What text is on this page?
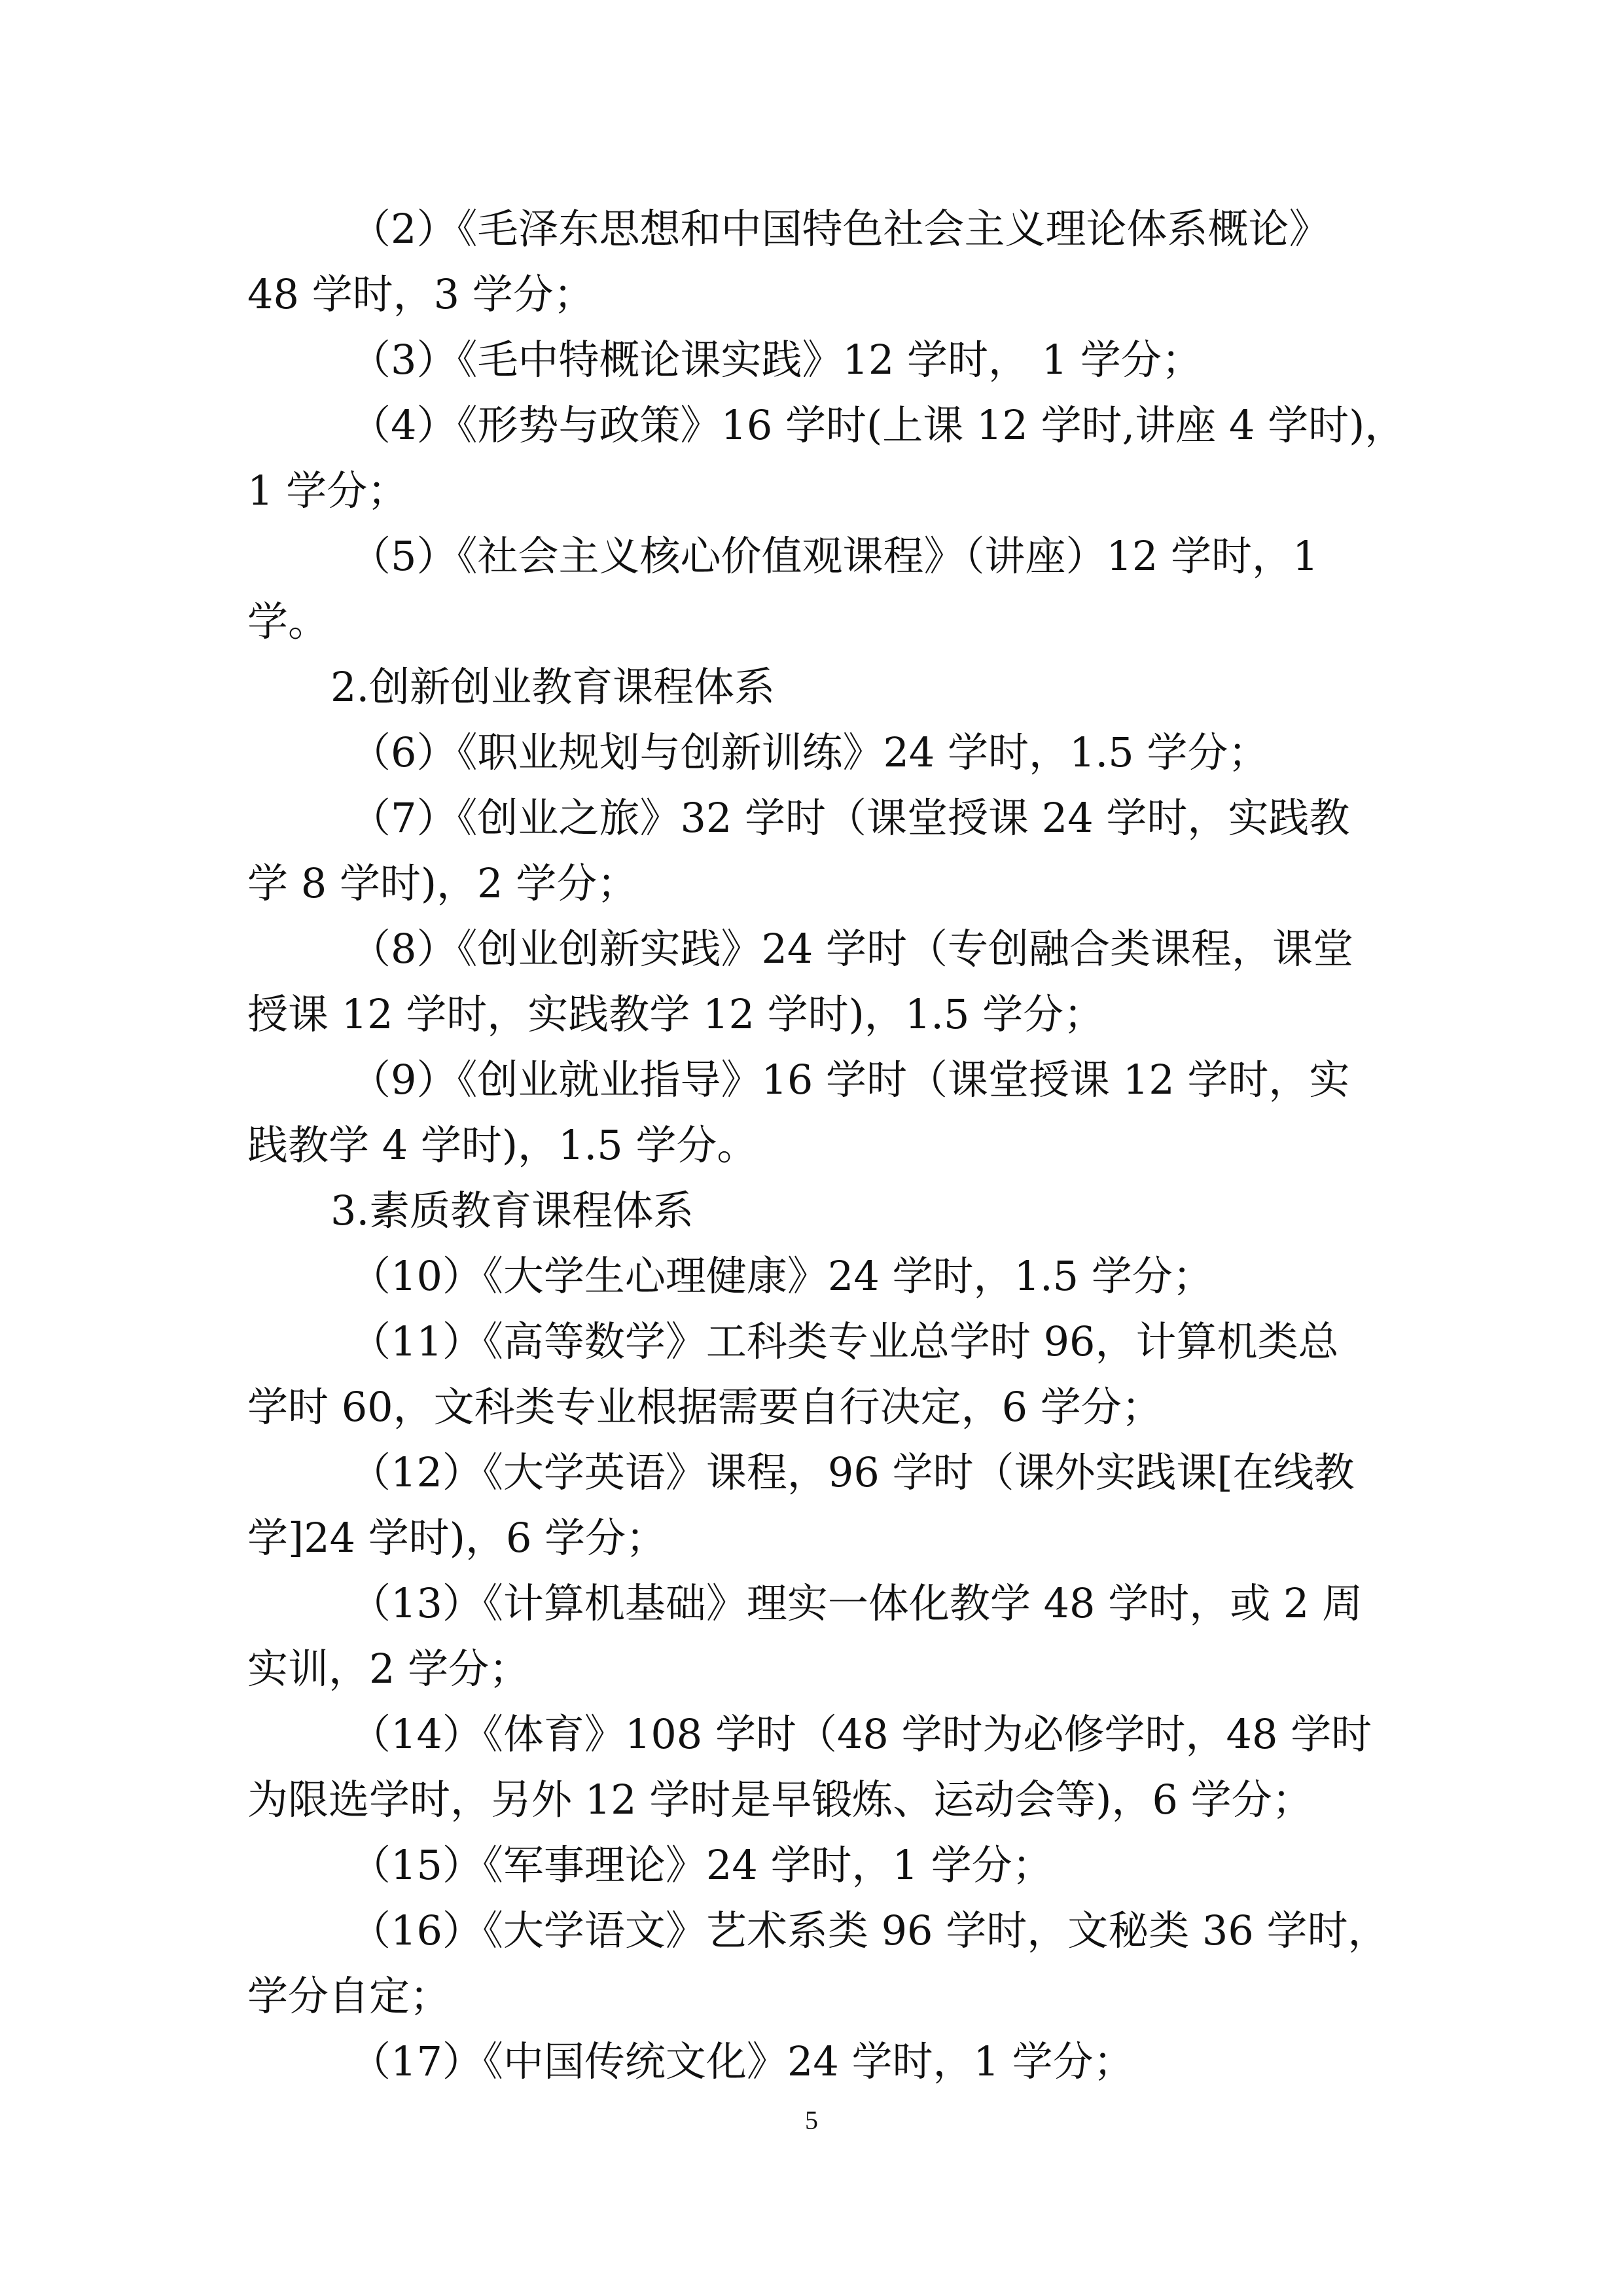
（2）《毛泽东思想和中国特色社会主义理论体系概论》
48 学时，3 学分；
（3）《毛中特概论课实践》12 学时， 1 学分；
（4）《形势与政策》16 学时(上课 12 学时,讲座 4 学时)，
1 学分；
（5）《社会主义核心价值观课程》（讲座）12 学时，1
学。
2.创新创业教育课程体系
（6）《职业规划与创新训练》24 学时，1.5 学分；
（7）《创业之旅》32 学时（课堂授课 24 学时，实践教
学 8 学时)，2 学分；
（8）《创业创新实践》24 学时（专创融合类课程，课堂
授课 12 学时，实践教学 12 学时)，1.5 学分；
（9）《创业就业指导》16 学时（课堂授课 12 学时，实
践教学 4 学时)，1.5 学分。
3.素质教育课程体系
（10）《大学生心理健康》24 学时，1.5 学分；
（11）《高等数学》工科类专业总学时 96，计算机类总
学时 60，文科类专业根据需要自行决定，6 学分；
（12）《大学英语》课程，96 学时（课外实践课[在线教
学]24 学时)，6 学分；
（13）《计算机基础》理实一体化教学 48 学时，或 2 周
实训，2 学分；
（14）《体育》108 学时（48 学时为必修学时，48 学时
为限选学时，另外 12 学时是早锻炼、运动会等)，6 学分；
（15）《军事理论》24 学时，1 学分；
（16）《大学语文》艺术系类 96 学时，文秘类 36 学时，
学分自定；
（17）《中国传统文化》24 学时，1 学分；
5
